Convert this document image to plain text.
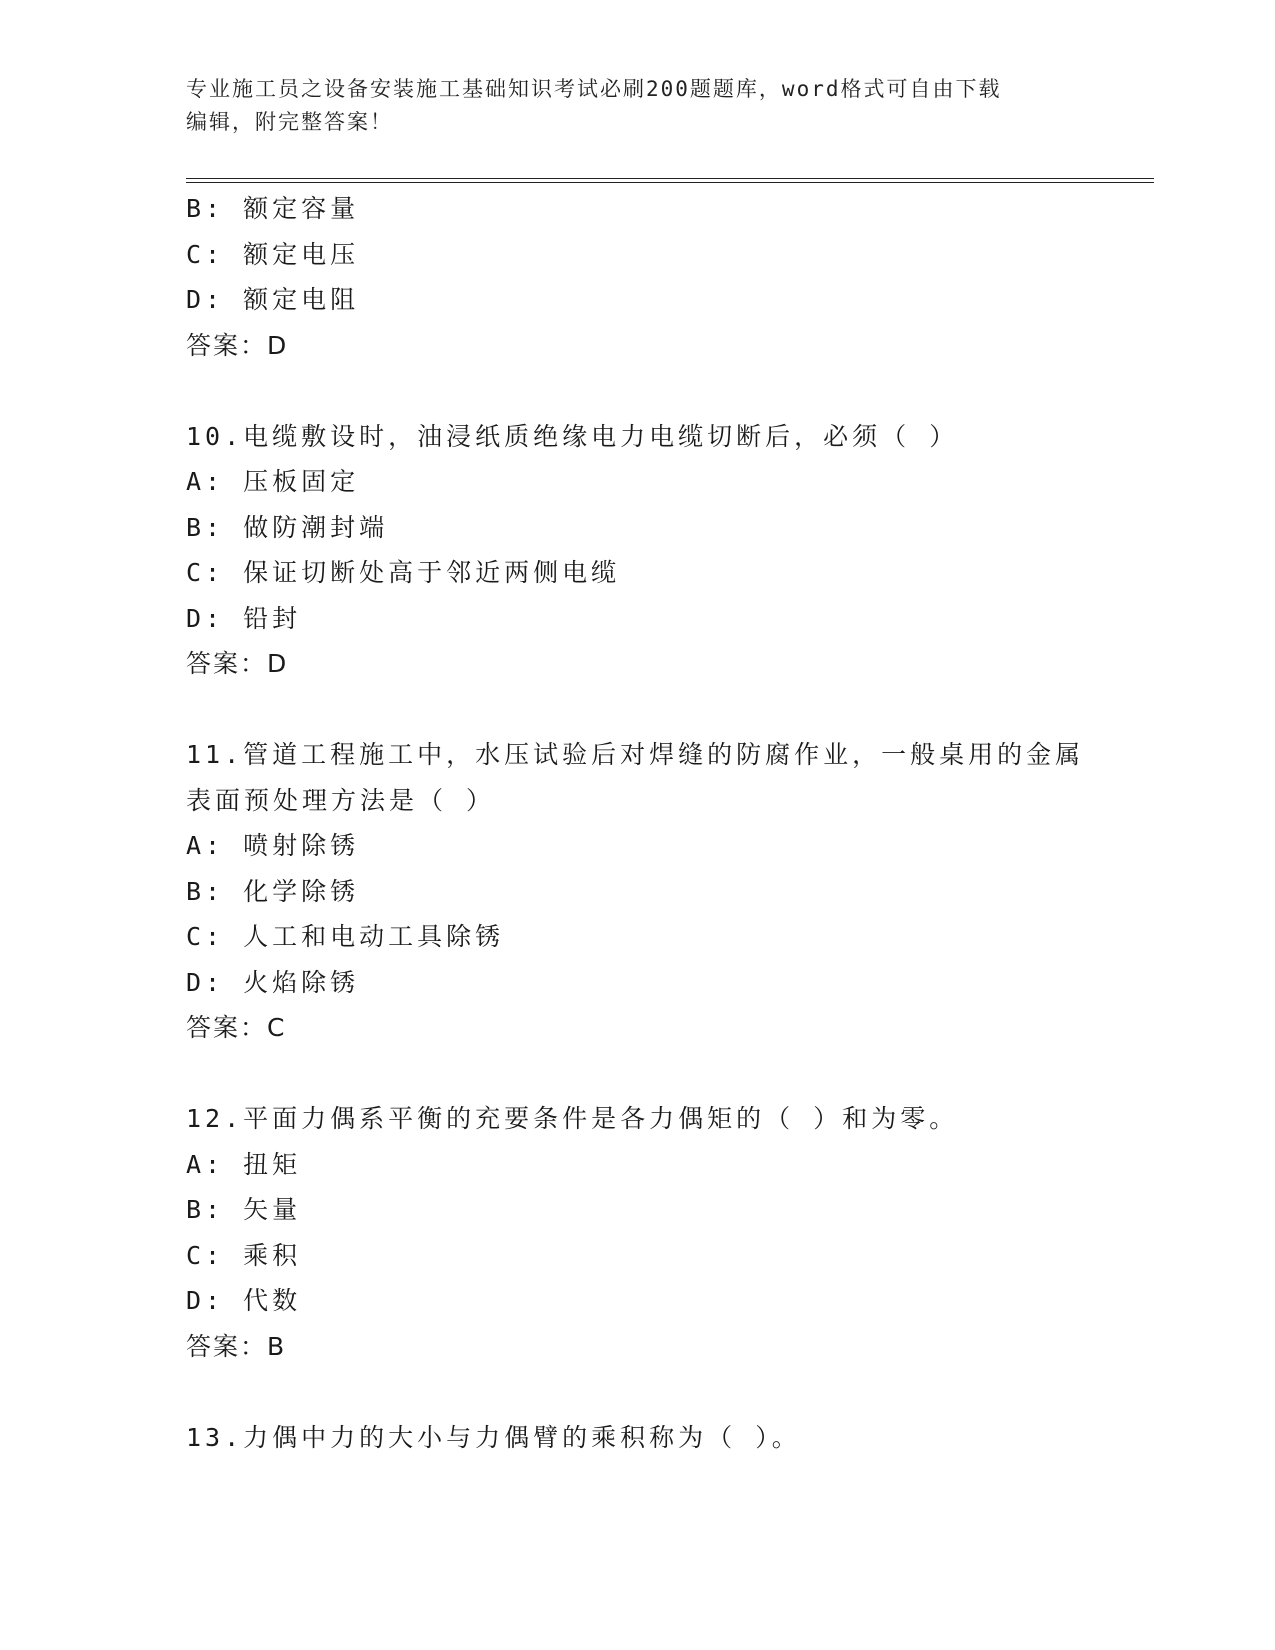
专业施工员之设备安装施工基础知识考试必刷200题题库，word格式可自由下载
编辑，附完整答案！
B: 额定容量
C: 额定电压
D: 额定电阻
答案：D
10.电缆敷设时，油浸纸质绝缘电力电缆切断后，必须（ ）
A: 压板固定
B: 做防潮封端
C: 保证切断处高于邻近两侧电缆
D: 铅封
答案：D
11.管道工程施工中，水压试验后对焊缝的防腐作业，一般桌用的金属
表面预处理方法是（ ）
A: 喷射除锈
B: 化学除锈
C: 人工和电动工具除锈
D: 火焰除锈
答案：C
12.平面力偶系平衡的充要条件是各力偶矩的（ ）和为零。
A: 扭矩
B: 矢量
C: 乘积
D: 代数
答案：B
13.力偶中力的大小与力偶臂的乘积称为（ ）。
